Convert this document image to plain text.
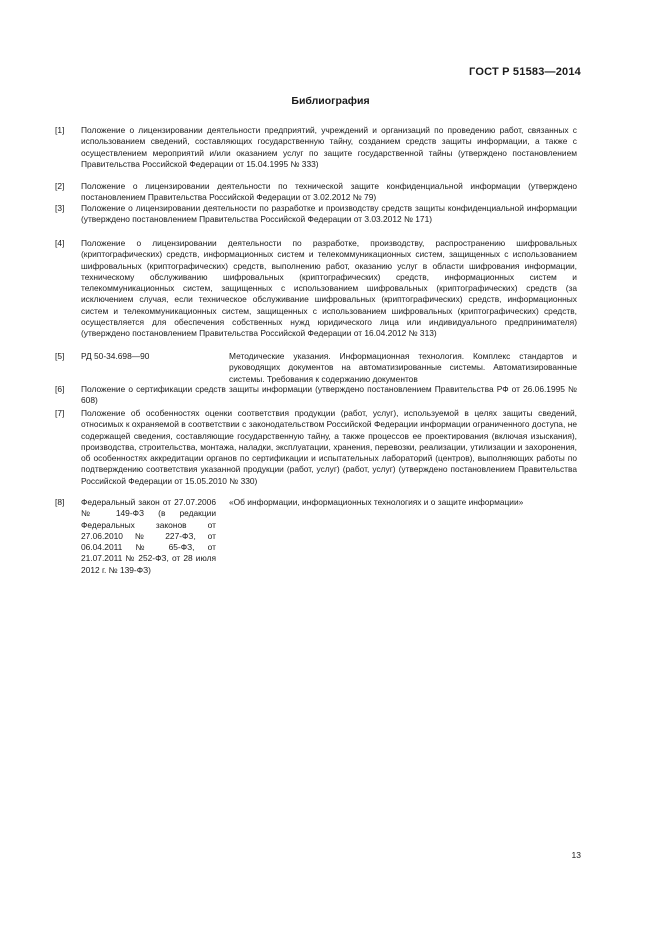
ГОСТ Р 51583—2014
Библиография
[1] Положение о лицензировании деятельности предприятий, учреждений и организаций по проведению работ, связанных с использованием сведений, составляющих государственную тайну, созданием средств защиты информации, а также с осуществлением мероприятий и/или оказанием услуг по защите государственной тайны (утверждено постановлением Правительства Российской Федерации от 15.04.1995 № 333)
[2] Положение о лицензировании деятельности по технической защите конфиденциальной информации (утверждено постановлением Правительства Российской Федерации от 3.02.2012 № 79)
[3] Положение о лицензировании деятельности по разработке и производству средств защиты конфиденциальной информации (утверждено постановлением Правительства Российской Федерации от 3.03.2012 № 171)
[4] Положение о лицензировании деятельности по разработке, производству, распространению шифровальных (криптографических) средств, информационных систем и телекоммуникационных систем, защищенных с использованием шифровальных (криптографических) средств, выполнению работ, оказанию услуг в области шифрования информации, техническому обслуживанию шифровальных (криптографических) средств, информационных систем и телекоммуникационных систем, защищенных с использованием шифровальных (криптографических) средств (за исключением случая, если техническое обслуживание шифровальных (криптографических) средств, информационных систем и телекоммуникационных систем, защищенных с использованием шифровальных (криптографических) средств, осуществляется для обеспечения собственных нужд юридического лица или индивидуального предпринимателя) (утверждено постановлением Правительства Российской Федерации от 16.04.2012 № 313)
[5] РД 50-34.698—90	Методические указания. Информационная технология. Комплекс стандартов и руководящих документов на автоматизированные системы. Автоматизированные системы. Требования к содержанию документов
[6] Положение о сертификации средств защиты информации (утверждено постановлением Правительства РФ от 26.06.1995 № 608)
[7] Положение об особенностях оценки соответствия продукции (работ, услуг), используемой в целях защиты сведений, относимых к охраняемой в соответствии с законодательством Российской Федерации информации ограниченного доступа, не содержащей сведения, составляющие государственную тайну, а также процессов ее проектирования (включая изыскания), производства, строительства, монтажа, наладки, эксплуатации, хранения, перевозки, реализации, утилизации и захоронения, об особенностях аккредитации органов по сертификации и испытательных лабораторий (центров), выполняющих работы по подтверждению соответствия указанной продукции (работ, услуг) (работ, услуг) (утверждено постановлением Правительства Российской Федерации от 15.05.2010 № 330)
[8] Федеральный закон от 27.07.2006 № 149-ФЗ (в редакции Федеральных законов от 27.06.2010 № 227-ФЗ, от 06.04.2011 № 65-ФЗ, от 21.07.2011 № 252-ФЗ, от 28 июля 2012 г. № 139-ФЗ)
«Об информации, информационных технологиях и о защите информации»
13
